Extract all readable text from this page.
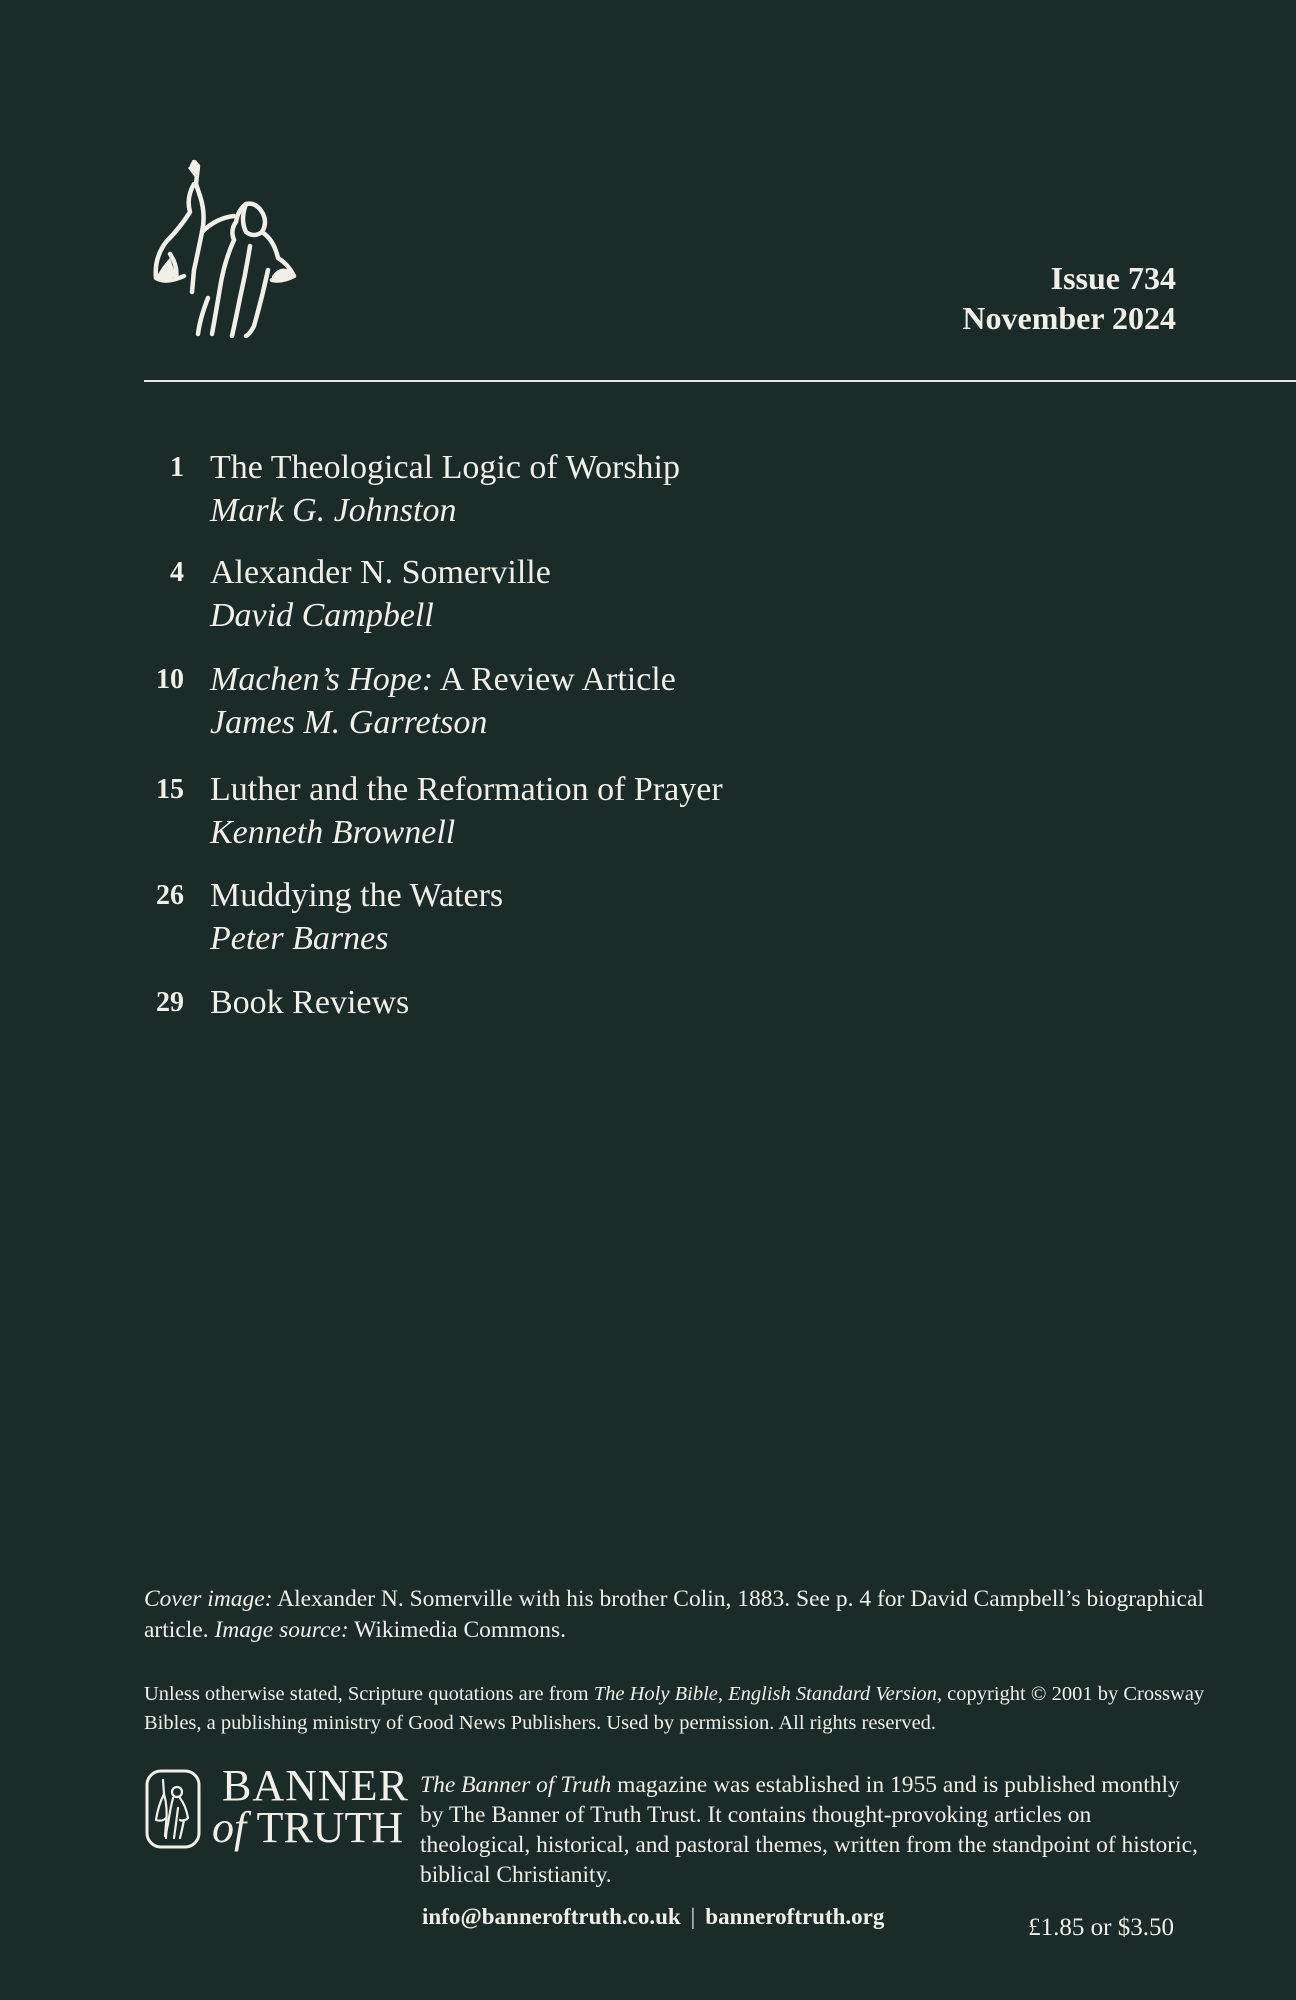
Issue 734
November 2024
1 The Theological Logic of Worship
Mark G. Johnston
4 Alexander N. Somerville
David Campbell
10 Machen’s Hope: A Review Article
James M. Garretson
15 Luther and the Reformation of Prayer
Kenneth Brownell
26 Muddying the Waters
Peter Barnes
29 Book Reviews
Cover image: Alexander N. Somerville with his brother Colin, 1883. See p. 4 for David Campbell’s biographical article. Image source: Wikimedia Commons.
Unless otherwise stated, Scripture quotations are from The Holy Bible, English Standard Version, copyright © 2001 by Crossway Bibles, a publishing ministry of Good News Publishers. Used by permission. All rights reserved.
BANNER
of TRUTH
The Banner of Truth magazine was established in 1955 and is published monthly by The Banner of Truth Trust. It contains thought-provoking articles on theological, historical, and pastoral themes, written from the standpoint of historic, biblical Christianity.
info@banneroftruth.co.uk | banneroftruth.org	£1.85 or $3.50
